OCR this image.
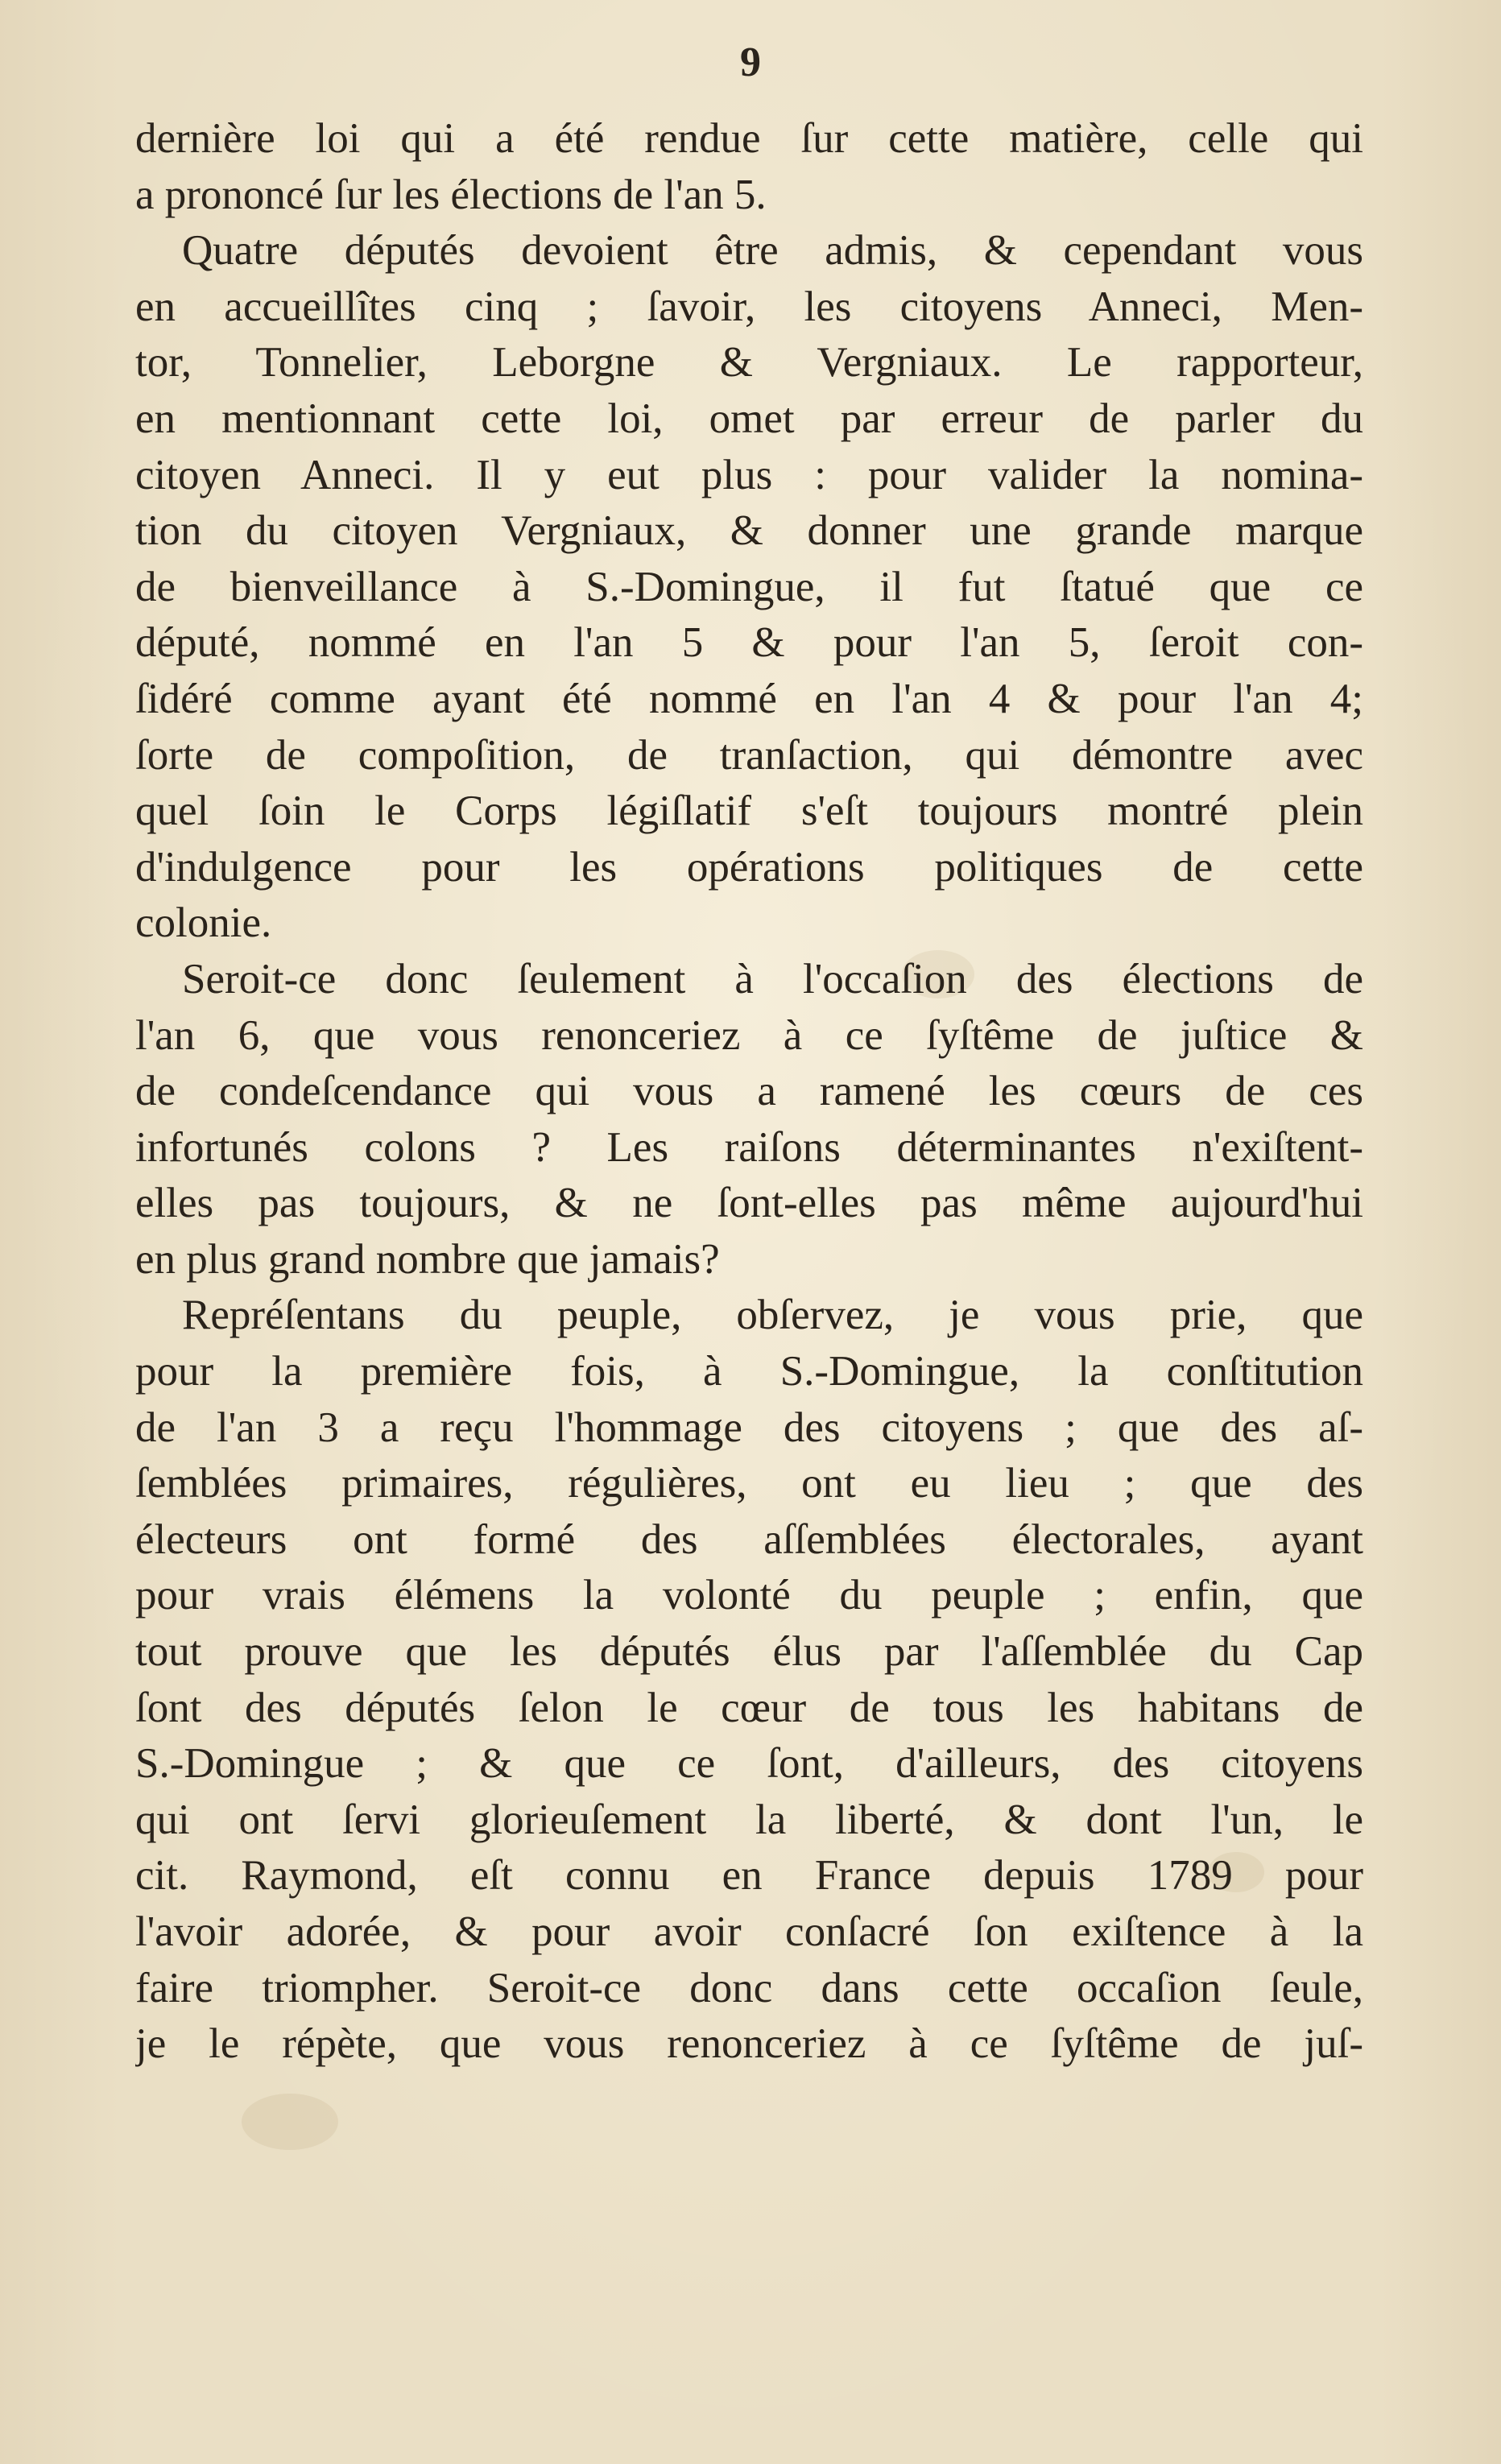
9
dernière loi qui a été rendue ſur cette matière, celle qui
a prononcé ſur les élections de l'an 5.
Quatre députés devoient être admis, & cependant vous
en accueillîtes cinq ; ſavoir, les citoyens Anneci, Men-
tor, Tonnelier, Leborgne & Vergniaux. Le rapporteur,
en mentionnant cette loi, omet par erreur de parler du
citoyen Anneci. Il y eut plus : pour valider la nomina-
tion du citoyen Vergniaux, & donner une grande marque
de bienveillance à S.-Domingue, il fut ſtatué que ce
député, nommé en l'an 5 & pour l'an 5, ſeroit con-
ſidéré comme ayant été nommé en l'an 4 & pour l'an 4;
ſorte de compoſition, de tranſaction, qui démontre avec
quel ſoin le Corps légiſlatif s'eſt toujours montré plein
d'indulgence pour les opérations politiques de cette
colonie.
Seroit-ce donc ſeulement à l'occaſion des élections de
l'an 6, que vous renonceriez à ce ſyſtême de juſtice &
de condeſcendance qui vous a ramené les cœurs de ces
infortunés colons ? Les raiſons déterminantes n'exiſtent-
elles pas toujours, & ne ſont-elles pas même aujourd'hui
en plus grand nombre que jamais?
Repréſentans du peuple, obſervez, je vous prie, que
pour la première fois, à S.-Domingue, la conſtitution
de l'an 3 a reçu l'hommage des citoyens ; que des aſ-
ſemblées primaires, régulières, ont eu lieu ; que des
électeurs ont formé des aſſemblées électorales, ayant
pour vrais élémens la volonté du peuple ; enfin, que
tout prouve que les députés élus par l'aſſemblée du Cap
ſont des députés ſelon le cœur de tous les habitans de
S.-Domingue ; & que ce ſont, d'ailleurs, des citoyens
qui ont ſervi glorieuſement la liberté, & dont l'un, le
cit. Raymond, eſt connu en France depuis 1789 pour
l'avoir adorée, & pour avoir conſacré ſon exiſtence à la
faire triompher. Seroit-ce donc dans cette occaſion ſeule,
je le répète, que vous renonceriez à ce ſyſtême de juſ-
